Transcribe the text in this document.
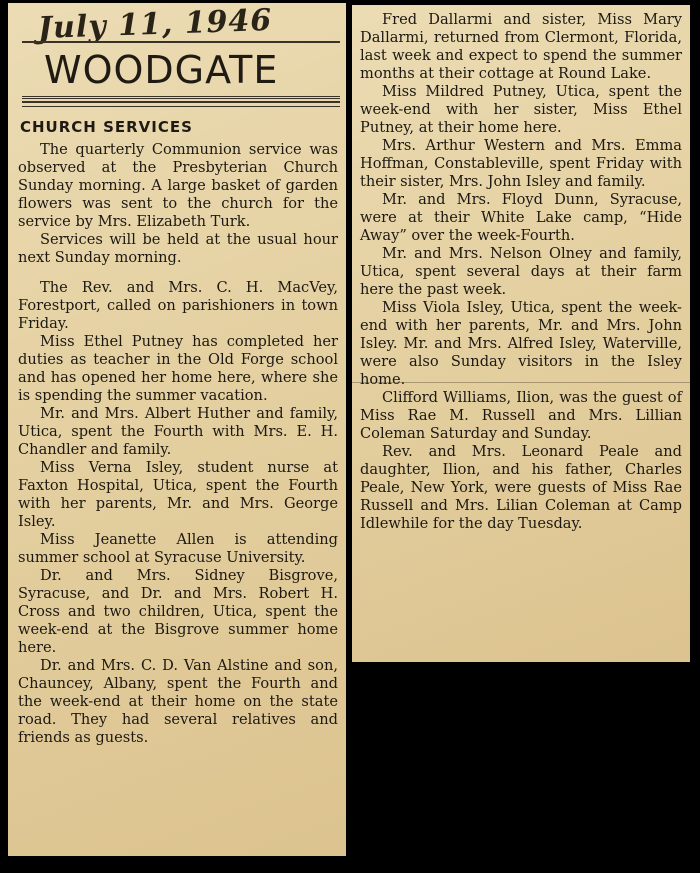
July 11, 1946

WOODGATE
CHURCH SERVICES

The quarterly Communion service was observed at the Presbyterian Church Sunday morning. A large basket of garden flowers was sent to the church for the service by Mrs. Elizabeth Turk.

Services will be held at the usual hour next Sunday morning.

The Rev. and Mrs. C. H. MacVey, Forestport, called on parishioners in town Friday.

Miss Ethel Putney has completed her duties as teacher in the Old Forge school and has opened her home here, where she is spending the summer vacation.

Mr. and Mrs. Albert Huther and family, Utica, spent the Fourth with Mrs. E. H. Chandler and family.

Miss Verna Isley, student nurse at Faxton Hospital, Utica, spent the Fourth with her parents, Mr. and Mrs. George Isley.

Miss Jeanette Allen is attending summer school at Syracuse University.

Dr. and Mrs. Sidney Bisgrove, Syracuse, and Dr. and Mrs. Robert H. Cross and two children, Utica, spent the week-end at the Bisgrove summer home here.

Dr. and Mrs. C. D. Van Alstine and son, Chauncey, Albany, spent the Fourth and the week-end at their home on the state road. They had several relatives and friends as guests.

Fred Dallarmi and sister, Miss Mary Dallarmi, returned from Clermont, Florida, last week and expect to spend the summer months at their cottage at Round Lake.

Miss Mildred Putney, Utica, spent the week-end with her sister, Miss Ethel Putney, at their home here.

Mrs. Arthur Western and Mrs. Emma Hoffman, Constableville, spent Friday with their sister, Mrs. John Isley and family.

Mr. and Mrs. Floyd Dunn, Syracuse, were at their White Lake camp, “Hide Away” over the week-Fourth.

Mr. and Mrs. Nelson Olney and family, Utica, spent several days at their farm here the past week.

Miss Viola Isley, Utica, spent the week-end with her parents, Mr. and Mrs. John Isley. Mr. and Mrs. Alfred Isley, Waterville, were also Sunday visitors in the Isley home.

Clifford Williams, Ilion, was the guest of Miss Rae M. Russell and Mrs. Lillian Coleman Saturday and Sunday.

Rev. and Mrs. Leonard Peale and daughter, Ilion, and his father, Charles Peale, New York, were guests of Miss Rae Russell and Mrs. Lilian Coleman at Camp Idlewhile for the day Tuesday.
